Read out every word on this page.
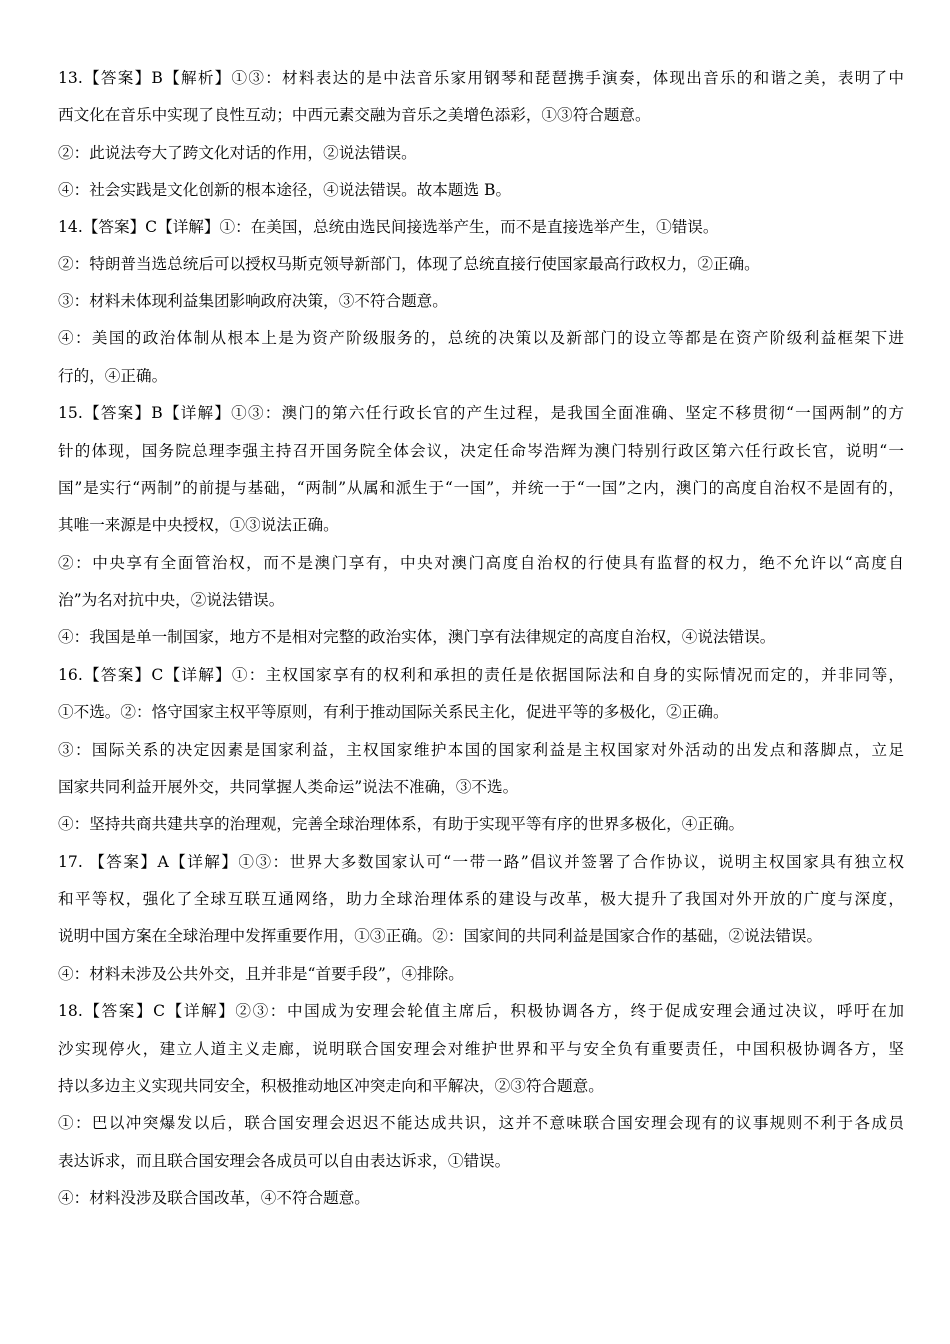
13.【答案】B【解析】①③：材料表达的是中法音乐家用钢琴和琵琶携手演奏，体现出音乐的和谐之美，表明了中
西文化在音乐中实现了良性互动；中西元素交融为音乐之美增色添彩，①③符合题意。
②：此说法夸大了跨文化对话的作用，②说法错误。
④：社会实践是文化创新的根本途径，④说法错误。故本题选 B。
14.【答案】C【详解】①：在美国，总统由选民间接选举产生，而不是直接选举产生，①错误。
②：特朗普当选总统后可以授权马斯克领导新部门，体现了总统直接行使国家最高行政权力，②正确。
③：材料未体现利益集团影响政府决策，③不符合题意。
④：美国的政治体制从根本上是为资产阶级服务的，总统的决策以及新部门的设立等都是在资产阶级利益框架下进
行的，④正确。
15.【答案】B【详解】①③：澳门的第六任行政长官的产生过程，是我国全面准确、坚定不移贯彻“一国两制”的方
针的体现，国务院总理李强主持召开国务院全体会议，决定任命岑浩辉为澳门特别行政区第六任行政长官，说明“一
国”是实行“两制”的前提与基础，“两制”从属和派生于“一国”，并统一于“一国”之内，澳门的高度自治权不是固有的，
其唯一来源是中央授权，①③说法正确。
②：中央享有全面管治权，而不是澳门享有，中央对澳门高度自治权的行使具有监督的权力，绝不允许以“高度自
治”为名对抗中央，②说法错误。
④：我国是单一制国家，地方不是相对完整的政治实体，澳门享有法律规定的高度自治权，④说法错误。
16.【答案】C【详解】①：主权国家享有的权利和承担的责任是依据国际法和自身的实际情况而定的，并非同等，
①不选。②：恪守国家主权平等原则，有利于推动国际关系民主化，促进平等的多极化，②正确。
③：国际关系的决定因素是国家利益，主权国家维护本国的国家利益是主权国家对外活动的出发点和落脚点，立足
国家共同利益开展外交，共同掌握人类命运”说法不准确，③不选。
④：坚持共商共建共享的治理观，完善全球治理体系，有助于实现平等有序的世界多极化，④正确。
17. 【答案】A【详解】①③：世界大多数国家认可“一带一路”倡议并签署了合作协议，说明主权国家具有独立权
和平等权，强化了全球互联互通网络，助力全球治理体系的建设与改革，极大提升了我国对外开放的广度与深度，
说明中国方案在全球治理中发挥重要作用，①③正确。②：国家间的共同利益是国家合作的基础，②说法错误。
④：材料未涉及公共外交，且并非是“首要手段”，④排除。
18.【答案】C【详解】②③：中国成为安理会轮值主席后，积极协调各方，终于促成安理会通过决议，呼吁在加
沙实现停火，建立人道主义走廊，说明联合国安理会对维护世界和平与安全负有重要责任，中国积极协调各方，坚
持以多边主义实现共同安全，积极推动地区冲突走向和平解决，②③符合题意。
①：巴以冲突爆发以后，联合国安理会迟迟不能达成共识，这并不意味联合国安理会现有的议事规则不利于各成员
表达诉求，而且联合国安理会各成员可以自由表达诉求，①错误。
④：材料没涉及联合国改革，④不符合题意。
